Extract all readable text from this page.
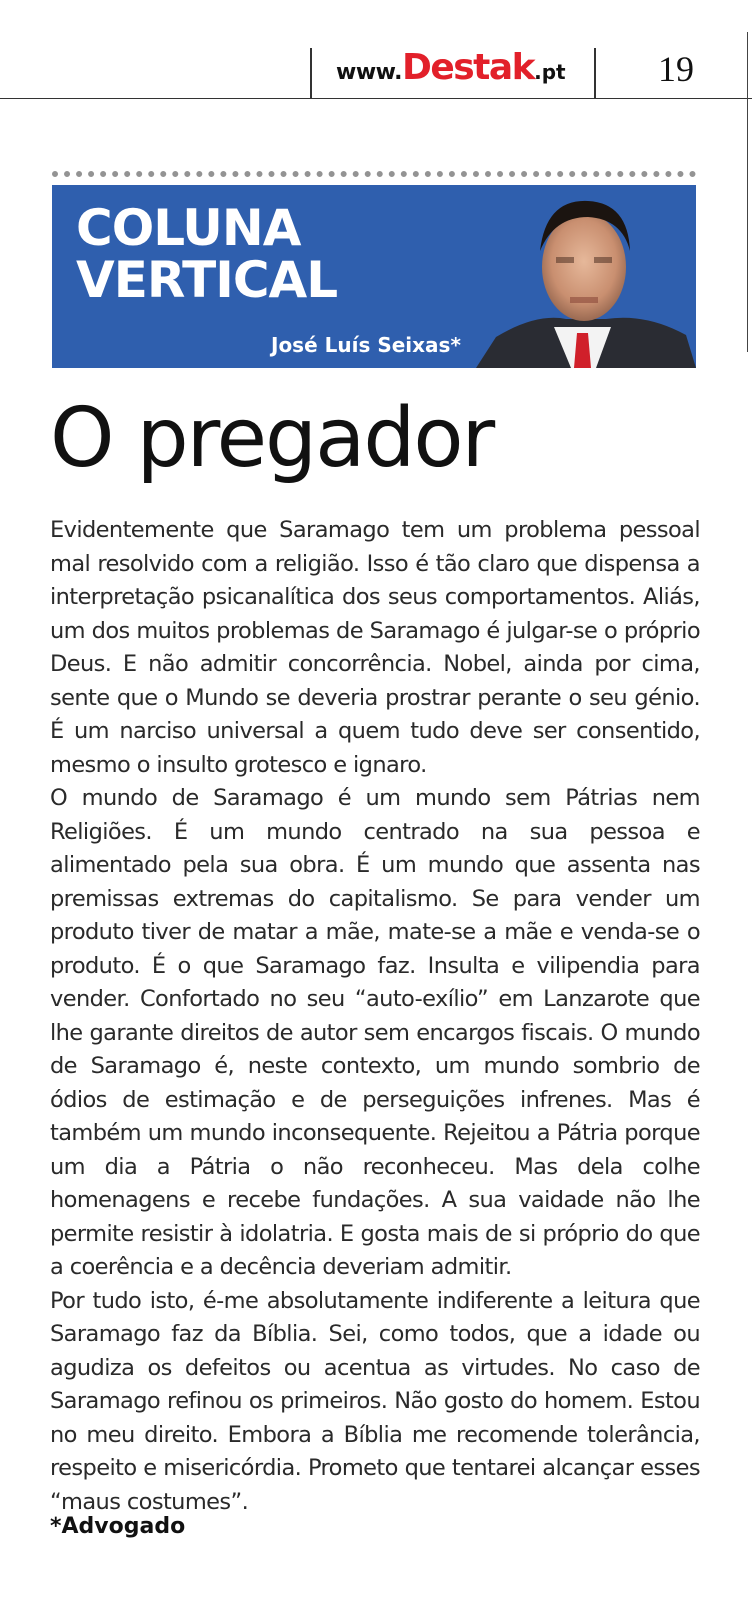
www. Destak .pt	19
COLUNA
VERTICAL
José Luís Seixas*
O pregador

Evidentemente que Saramago tem um problema pessoal mal resolvido com a religião. Isso é tão claro que dispensa a interpretação psicanalítica dos seus comportamentos. Aliás, um dos muitos problemas de Saramago é julgar-se o próprio Deus. E não admitir concorrência. Nobel, ainda por cima, sente que o Mundo se deveria prostrar perante o seu génio. É um narciso universal a quem tudo deve ser consentido, mesmo o insulto grotesco e ignaro.

O mundo de Saramago é um mundo sem Pátrias nem Religiões. É um mundo centrado na sua pessoa e alimentado pela sua obra. É um mundo que assenta nas premissas extremas do capitalismo. Se para vender um produto tiver de matar a mãe, mate-se a mãe e venda-se o produto. É o que Saramago faz. Insulta e vilipendia para vender. Confortado no seu “auto-exílio” em Lanzarote que lhe garante direitos de autor sem encargos fiscais. O mundo de Saramago é, neste contexto, um mundo sombrio de ódios de estimação e de perseguições infrenes. Mas é também um mundo inconsequente. Rejeitou a Pátria porque um dia a Pátria o não reconheceu. Mas dela colhe homenagens e recebe fundações. A sua vaidade não lhe permite resistir à idolatria. E gosta mais de si próprio do que a coerência e a decência deveriam admitir.

Por tudo isto, é-me absolutamente indiferente a leitura que Saramago faz da Bíblia. Sei, como todos, que a idade ou agudiza os defeitos ou acentua as virtudes. No caso de Saramago refinou os primeiros. Não gosto do homem. Estou no meu direito. Embora a Bíblia me recomende tolerância, respeito e misericórdia. Prometo que tentarei alcançar esses “maus costumes”.

*Advogado
